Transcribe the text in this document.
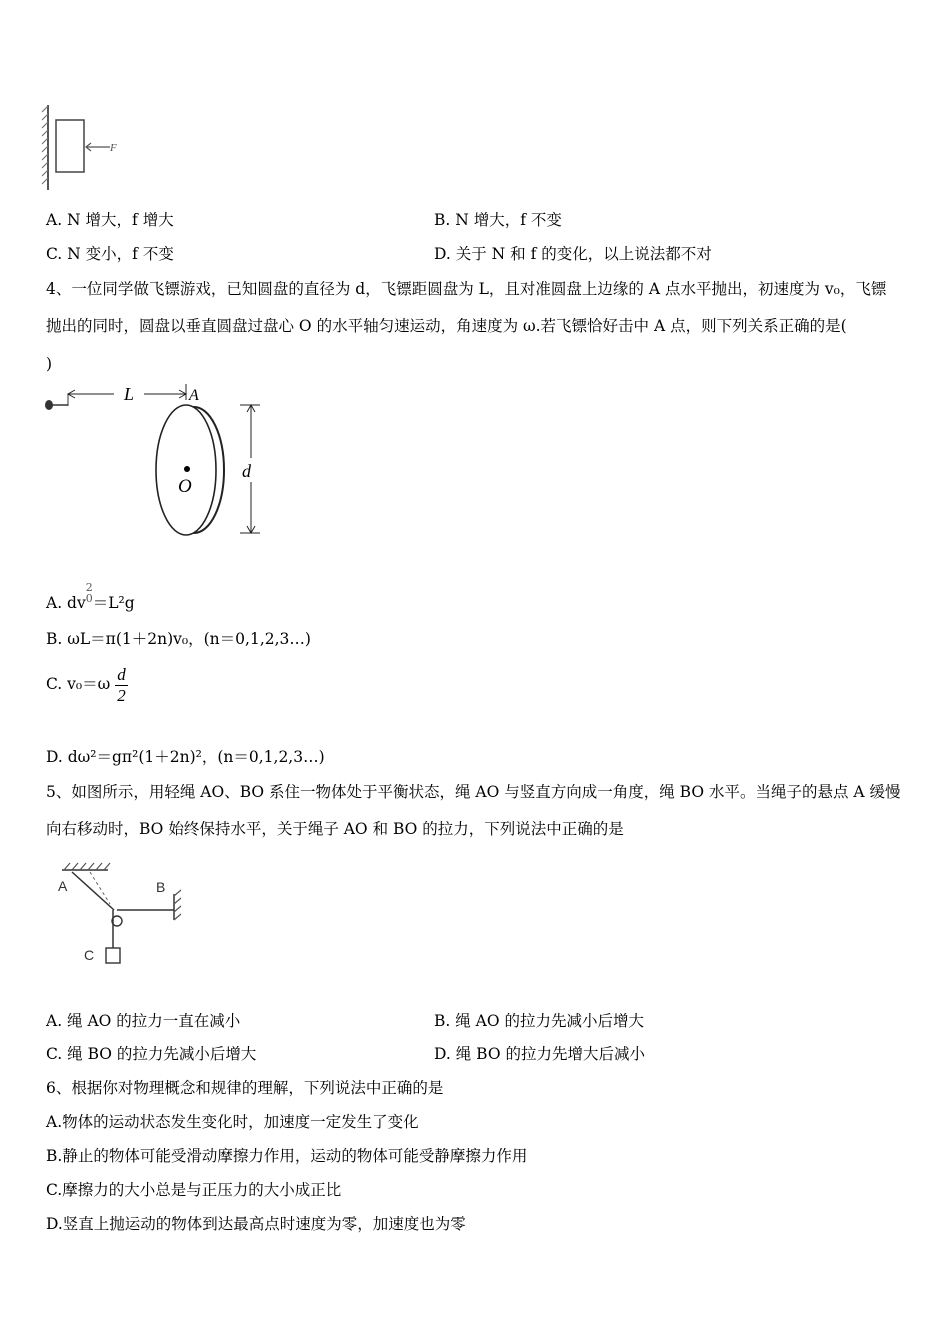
F
A. N 增大，f 增大	B. N 增大，f 不变
C. N 变小，f 不变	D. 关于 N 和 f 的变化，以上说法都不对
4、一位同学做飞镖游戏，已知圆盘的直径为 d，飞镖距圆盘为 L，且对准圆盘上边缘的 A 点水平抛出，初速度为 v₀，飞镖
抛出的同时，圆盘以垂直圆盘过盘心 O 的水平轴匀速运动，角速度为 ω.若飞镖恰好击中 A 点，则下列关系正确的是(
)
L	A
O
d
A. dv
2
0 ＝L²g
B. ωL＝π(1＋2n)v₀，(n＝0,1,2,3…)
C. $v_0=\omega \frac{d}{2}$
D. dω²＝gπ²(1＋2n)²，(n＝0,1,2,3…)
5、如图所示，用轻绳 AO、BO 系住一物体处于平衡状态，绳 AO 与竖直方向成一角度，绳 BO 水平。当绳子的悬点 A 缓慢
向右移动时，BO 始终保持水平，关于绳子 AO 和 BO 的拉力，下列说法中正确的是
A	B
C
A. 绳 AO 的拉力一直在减小	B. 绳 AO 的拉力先减小后增大
C. 绳 BO 的拉力先减小后增大	D. 绳 BO 的拉力先增大后减小
6、根据你对物理概念和规律的理解，下列说法中正确的是
A.物体的运动状态发生变化时，加速度一定发生了变化
B.静止的物体可能受滑动摩擦力作用，运动的物体可能受静摩擦力作用
C.摩擦力的大小总是与正压力的大小成正比
D.竖直上抛运动的物体到达最高点时速度为零，加速度也为零
